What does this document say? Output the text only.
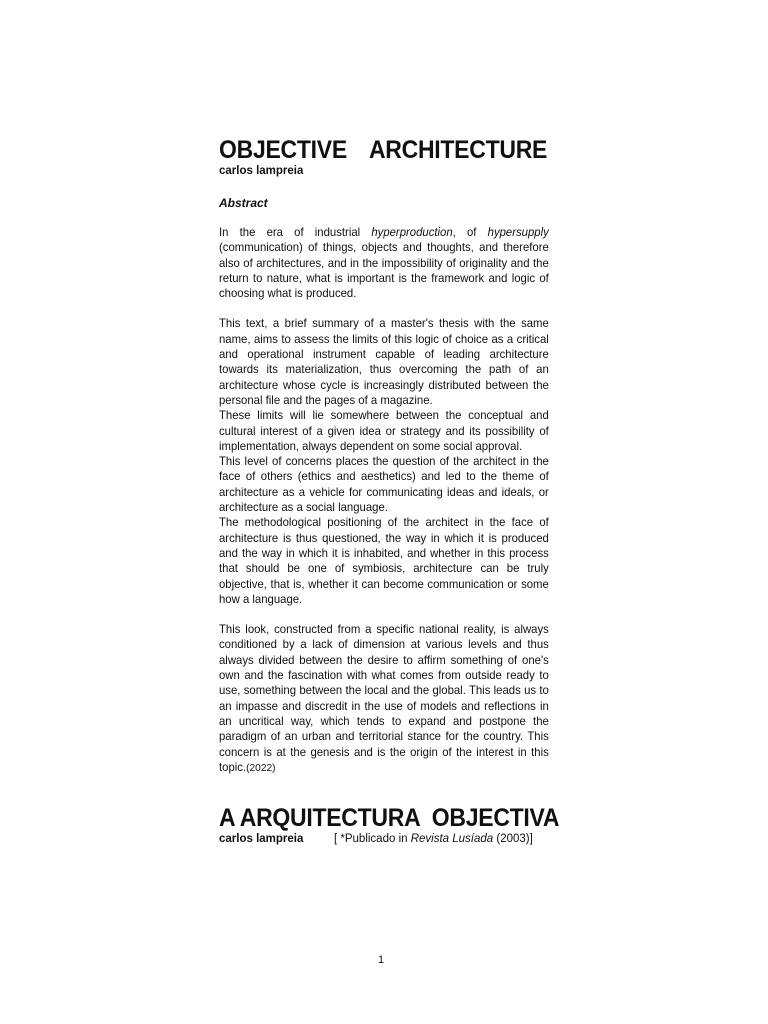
OBJECTIVE ARCHITECTURE
carlos lampreia
Abstract

In the era of industrial hyperproduction, of hypersupply (communication) of things, objects and thoughts, and therefore also of architectures, and in the impossibility of originality and the return to nature, what is important is the framework and logic of choosing what is produced.

This text, a brief summary of a master's thesis with the same name, aims to assess the limits of this logic of choice as a critical and operational instrument capable of leading architecture towards its materialization, thus overcoming the path of an architecture whose cycle is increasingly distributed between the personal file and the pages of a magazine.

These limits will lie somewhere between the conceptual and cultural interest of a given idea or strategy and its possibility of implementation, always dependent on some social approval.

This level of concerns places the question of the architect in the face of others (ethics and aesthetics) and led to the theme of architecture as a vehicle for communicating ideas and ideals, or architecture as a social language.

The methodological positioning of the architect in the face of architecture is thus questioned, the way in which it is produced and the way in which it is inhabited, and whether in this process that should be one of symbiosis, architecture can be truly objective, that is, whether it can become communication or some how a language.

This look, constructed from a specific national reality, is always conditioned by a lack of dimension at various levels and thus always divided between the desire to affirm something of one's own and the fascination with what comes from outside ready to use, something between the local and the global. This leads us to an impasse and discredit in the use of models and reflections in an uncritical way, which tends to expand and postpone the paradigm of an urban and territorial stance for the country. This concern is at the genesis and is the origin of the interest in this topic.(2022)

A ARQUITECTURA  OBJECTIVA
carlos lampreia	[ *Publicado in Revista Lusíada (2003)]
1
